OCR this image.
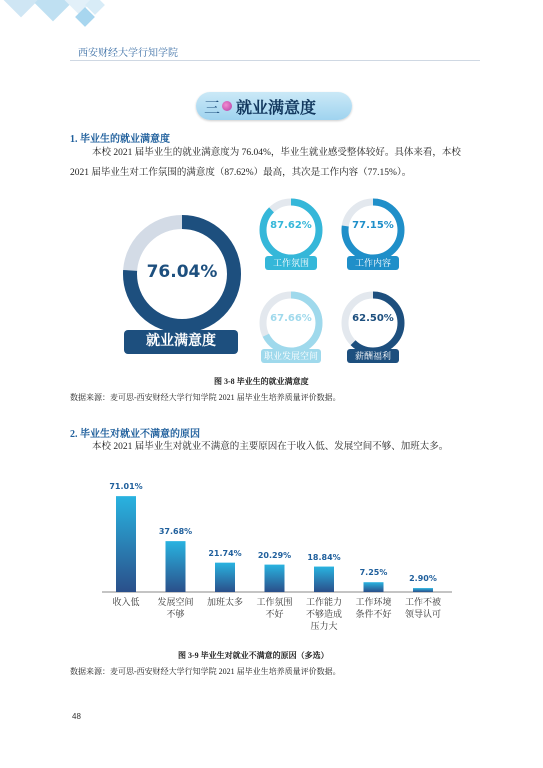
西安财经大学行知学院
三 就业满意度
1. 毕业生的就业满意度
本校 2021 届毕业生的就业满意度为 76.04%，毕业生就业感受整体较好。具体来看，本校
2021 届毕业生对工作氛围的满意度（87.62%）最高，其次是工作内容（77.15%）。
76.04%
就业满意度
87.62%
工作氛围
77.15%
工作内容
67.66%
职业发展空间
62.50%
薪酬福利
图 3-8 毕业生的就业满意度
数据来源：麦可思-西安财经大学行知学院 2021 届毕业生培养质量评价数据。
2. 毕业生对就业不满意的原因
本校 2021 届毕业生对就业不满意的主要原因在于收入低、发展空间不够、加班太多。
71.01%
收入低
37.68%
发展空间
不够
21.74%
加班太多
20.29%
工作氛围
不好
18.84%
工作能力
不够造成
压力大
7.25%
工作环境
条件不好
2.90%
工作不被
领导认可
图 3-9 毕业生对就业不满意的原因（多选）
数据来源：麦可思-西安财经大学行知学院 2021 届毕业生培养质量评价数据。
48
